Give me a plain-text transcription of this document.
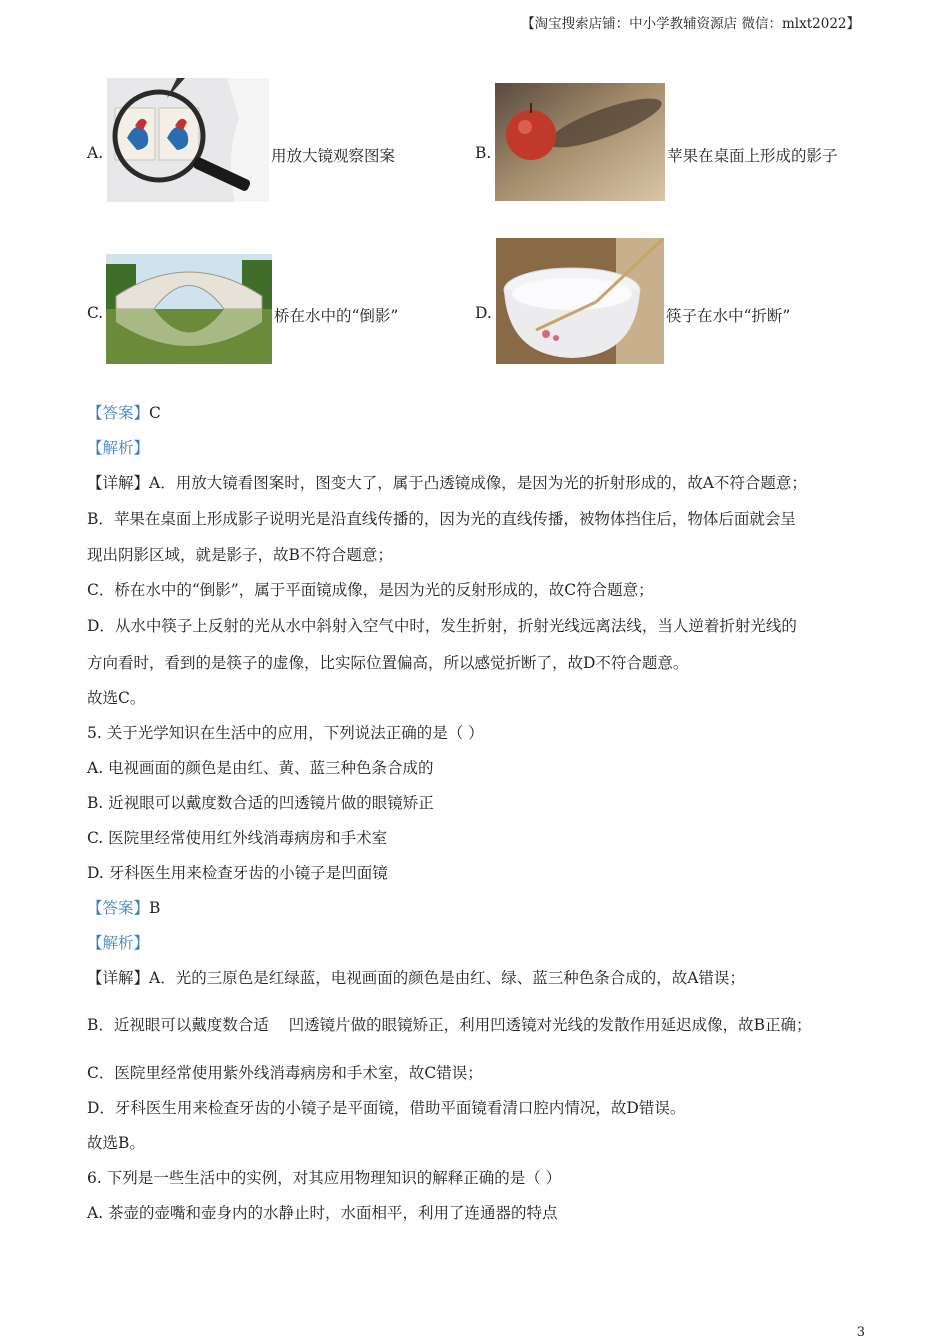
【淘宝搜索店铺：中小学教辅资源店 微信：mlxt2022】
A.	用放大镜观察图案	B.	苹果在桌面上形成的影子
C.	桥在水中的“倒影”	D.	筷子在水中“折断”
【答案】C
【解析】
【详解】A．用放大镜看图案时，图变大了，属于凸透镜成像，是因为光的折射形成的，故A不符合题意；
B．苹果在桌面上形成影子说明光是沿直线传播的，因为光的直线传播，被物体挡住后，物体后面就会呈
现出阴影区域，就是影子，故B不符合题意；
C．桥在水中的“倒影”，属于平面镜成像，是因为光的反射形成的，故C符合题意；
D．从水中筷子上反射的光从水中斜射入空气中时，发生折射，折射光线远离法线，当人逆着折射光线的
方向看时，看到的是筷子的虚像，比实际位置偏高，所以感觉折断了，故D不符合题意。
故选C。
5. 关于光学知识在生活中的应用，下列说法正确的是（ ）
A. 电视画面的颜色是由红、黄、蓝三种色条合成的
B. 近视眼可以戴度数合适的凹透镜片做的眼镜矫正
C. 医院里经常使用红外线消毒病房和手术室
D. 牙科医生用来检查牙齿的小镜子是凹面镜
【答案】B
【解析】
【详解】A．光的三原色是红绿蓝，电视画面的颜色是由红、绿、蓝三种色条合成的，故A错误；
B．近视眼可以戴度数合适    凹透镜片做的眼镜矫正，利用凹透镜对光线的发散作用延迟成像，故B正确；
C．医院里经常使用紫外线消毒病房和手术室，故C错误；
D．牙科医生用来检查牙齿的小镜子是平面镜，借助平面镜看清口腔内情况，故D错误。
故选B。
6. 下列是一些生活中的实例，对其应用物理知识的解释正确的是（ ）
A. 茶壶的壶嘴和壶身内的水静止时，水面相平，利用了连通器的特点
3
